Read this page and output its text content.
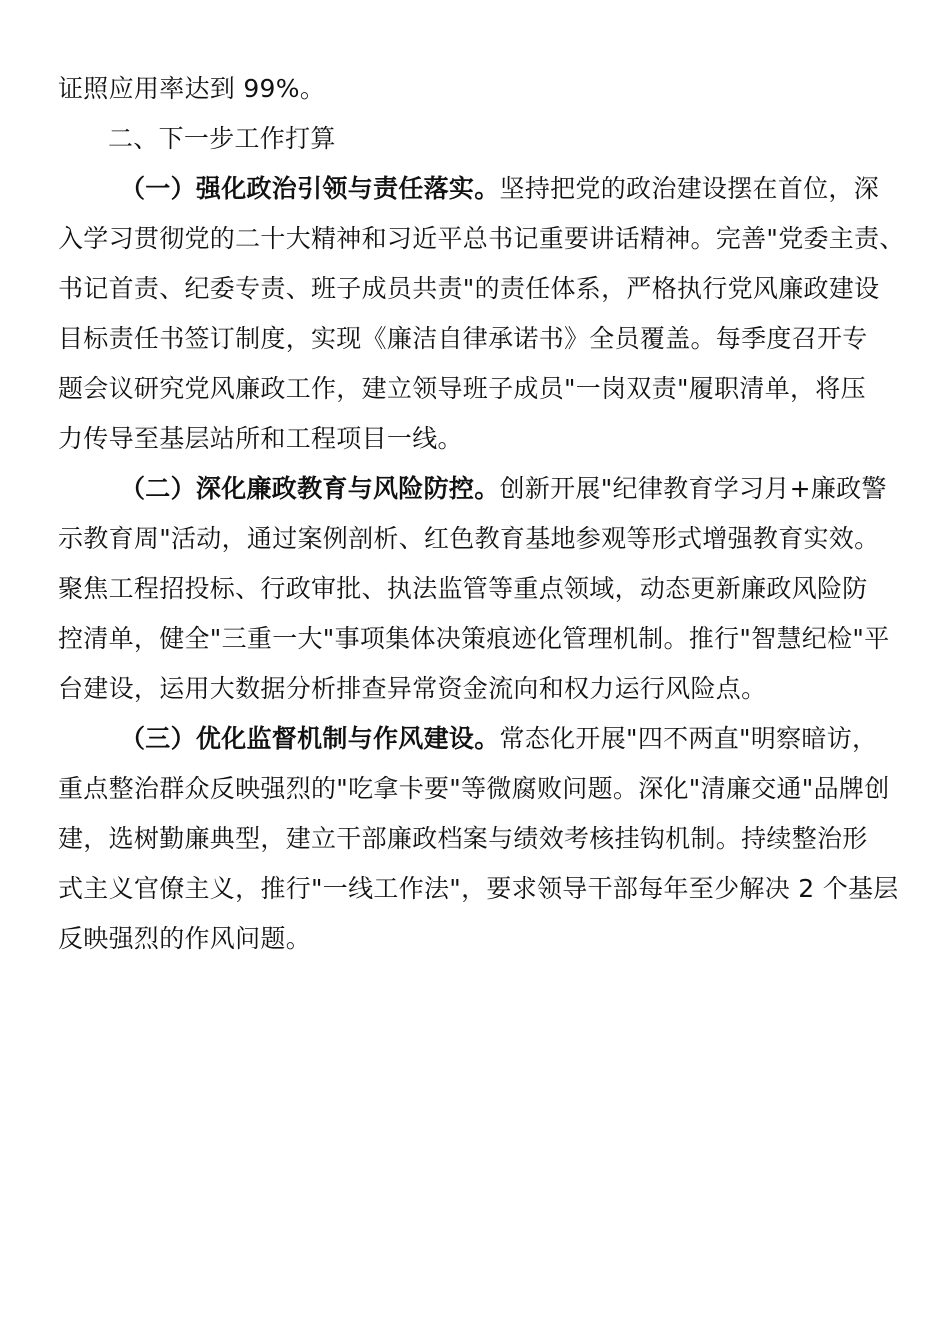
证照应用率达到 99%。
二、下一步工作打算
（一）强化政治引领与责任落实。坚持把党的政治建设摆在首位，深
入学习贯彻党的二十大精神和习近平总书记重要讲话精神。完善"党委主责、
书记首责、纪委专责、班子成员共责"的责任体系，严格执行党风廉政建设
目标责任书签订制度，实现《廉洁自律承诺书》全员覆盖。每季度召开专
题会议研究党风廉政工作，建立领导班子成员"一岗双责"履职清单，将压
力传导至基层站所和工程项目一线。
（二）深化廉政教育与风险防控。创新开展"纪律教育学习月+廉政警
示教育周"活动，通过案例剖析、红色教育基地参观等形式增强教育实效。
聚焦工程招投标、行政审批、执法监管等重点领域，动态更新廉政风险防
控清单，健全"三重一大"事项集体决策痕迹化管理机制。推行"智慧纪检"平
台建设，运用大数据分析排查异常资金流向和权力运行风险点。
（三）优化监督机制与作风建设。常态化开展"四不两直"明察暗访，
重点整治群众反映强烈的"吃拿卡要"等微腐败问题。深化"清廉交通"品牌创
建，选树勤廉典型，建立干部廉政档案与绩效考核挂钩机制。持续整治形
式主义官僚主义，推行"一线工作法"，要求领导干部每年至少解决 2 个基层
反映强烈的作风问题。
